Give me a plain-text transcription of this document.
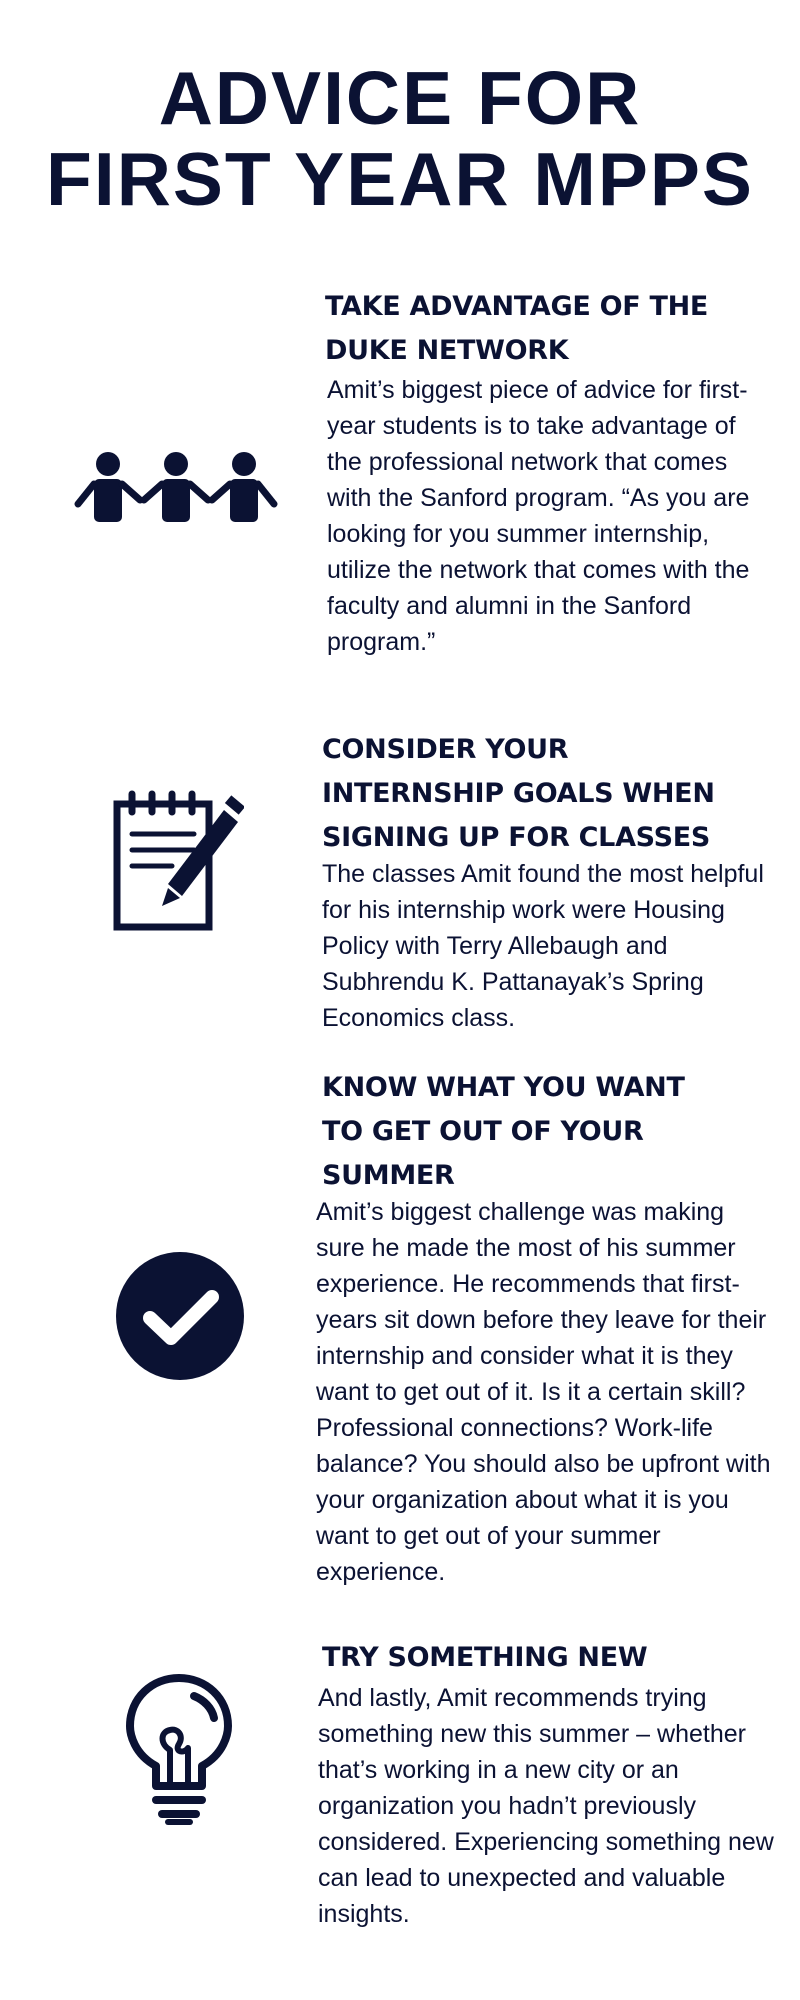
ADVICE FOR
FIRST YEAR MPPS
TAKE ADVANTAGE OF THE DUKE NETWORK

Amit’s biggest piece of advice for first-year students is to take advantage of the professional network that comes with the Sanford program. “As you are looking for you summer internship, utilize the network that comes with the faculty and alumni in the Sanford program.”

CONSIDER YOUR INTERNSHIP GOALS WHEN SIGNING UP FOR CLASSES

The classes Amit found the most helpful for his internship work were Housing Policy with Terry Allebaugh and Subhrendu K. Pattanayak’s Spring Economics class.

KNOW WHAT YOU WANT TO GET OUT OF YOUR SUMMER

Amit’s biggest challenge was making sure he made the most of his summer experience. He recommends that first-years sit down before they leave for their internship and consider what it is they want to get out of it. Is it a certain skill? Professional connections? Work-life balance? You should also be upfront with your organization about what it is you want to get out of your summer experience.

TRY SOMETHING NEW

And lastly, Amit recommends trying something new this summer – whether that’s working in a new city or an organization you hadn’t previously considered. Experiencing something new can lead to unexpected and valuable insights.
